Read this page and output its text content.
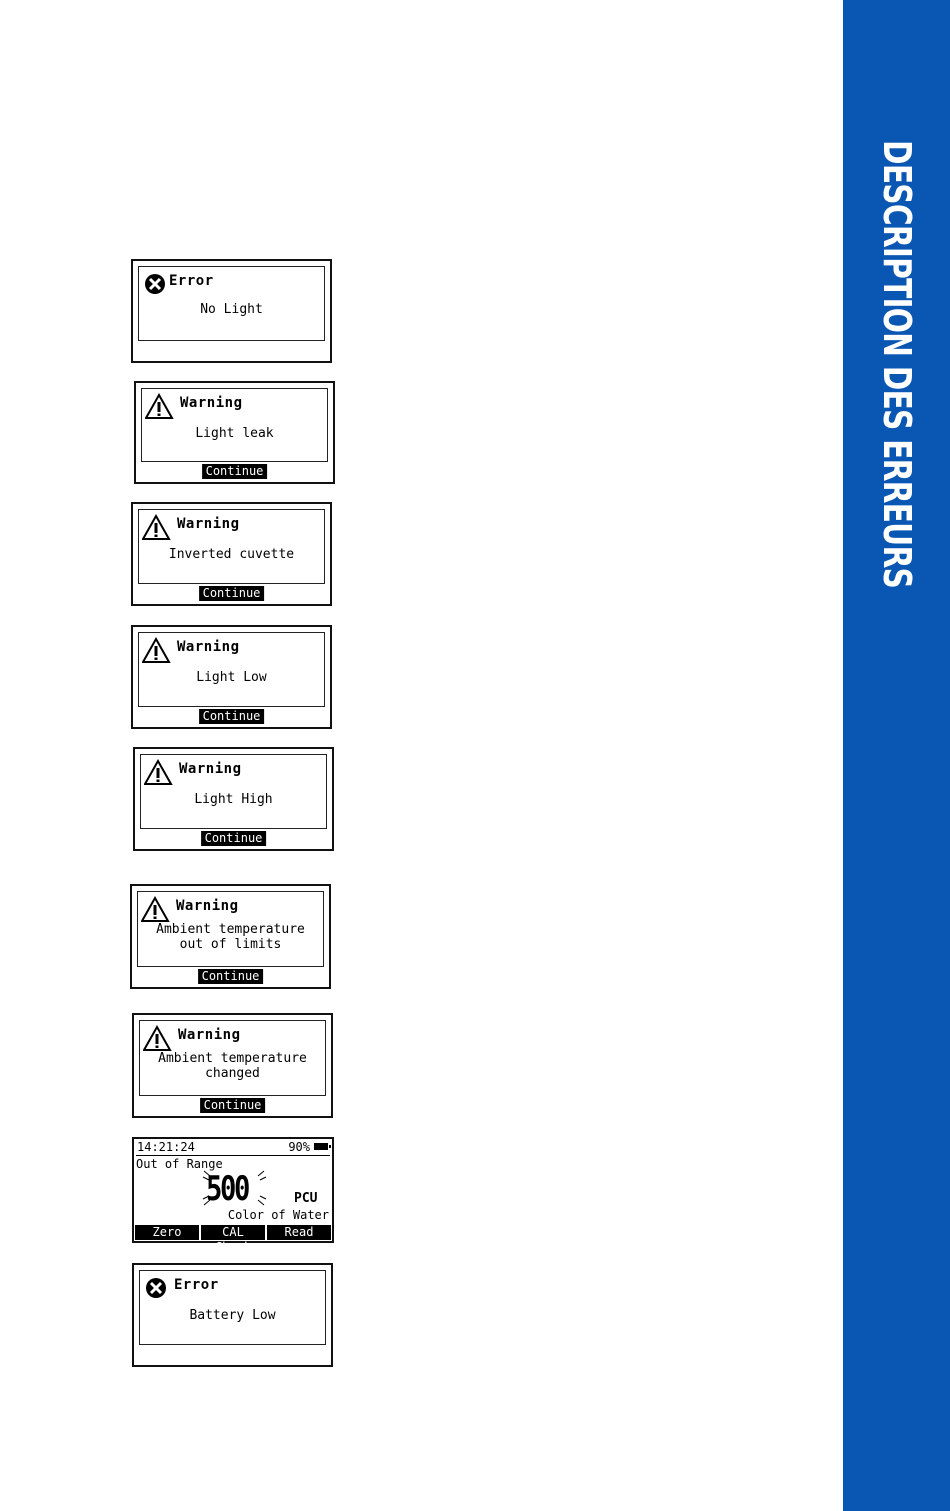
DESCRIPTION DES ERREURS
Error
No Light
Warning
Light leak
Continue
Warning
Inverted cuvette
Continue
Warning
Light Low
Continue
Warning
Light High
Continue
Warning
Ambient temperature
out of limits
Continue
Warning
Ambient temperature
changed
Continue
14:21:24	90%
Out of Range
500	PCU
Color of Water
Zero	CAL Check
Read
Error
Battery Low
